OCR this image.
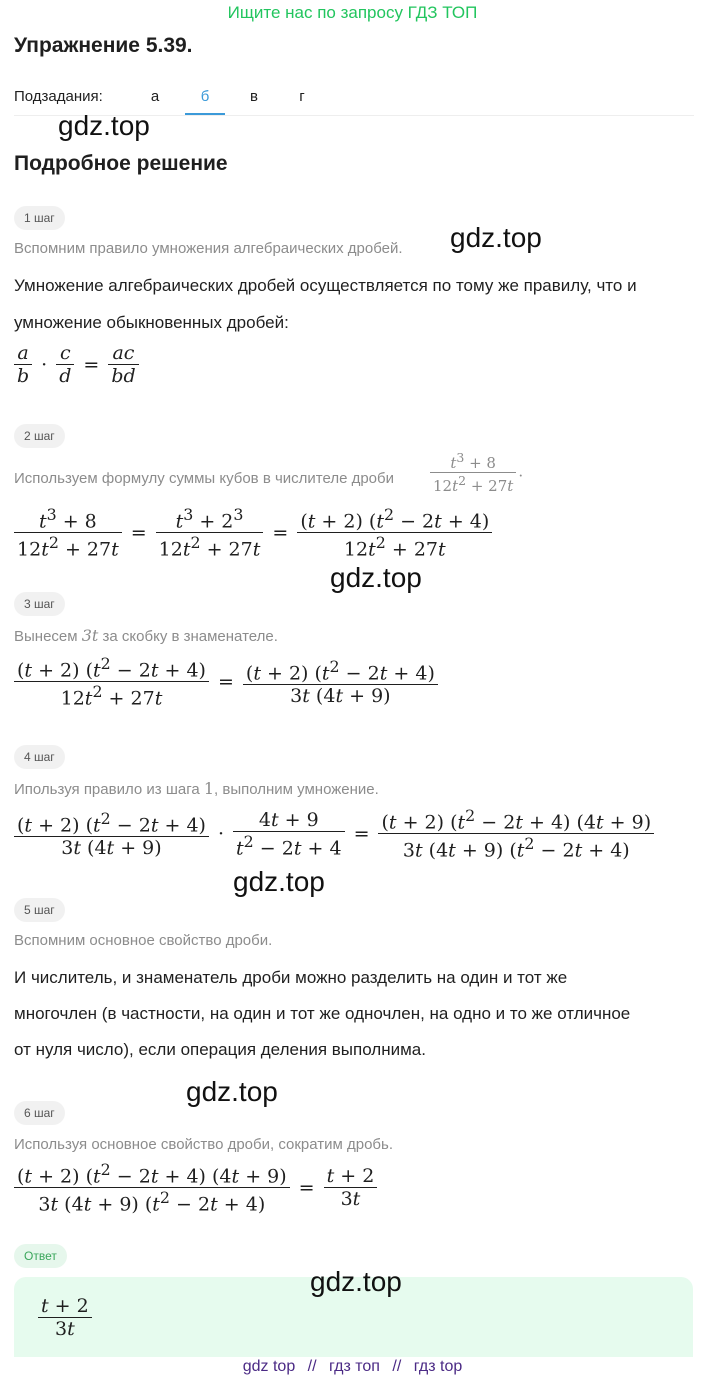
Ищите нас по запросу ГДЗ ТОП
Упражнение 5.39.
Подзадания:	а	б	в	г
gdz.top
Подробное решение
1 шаг
Вспомним правило умножения алгебраических дробей. gdz.top
Умножение алгебраических дробей осуществляется по тому же правилу, что и
умножение обыкновенных дробей:
$\frac{a}{b} \cdot \frac{c}{d} = \frac{ac}{bd}$
2 шаг
Используем формулу суммы кубов в числителе дроби $\frac{t^3 + 8}{12t^2 + 27t}$ .
$\frac{t^3 + 8}{12t^2 + 27t} = \frac{t^3 + 2^3}{12t^2 + 27t} = \frac{(t + 2) (t^2 - 2t + 4)}{12t^2 + 27t}$
gdz.top
3 шаг
Вынесем 3t за скобку в знаменателе.
$\frac{(t + 2) (t^2 - 2t + 4)}{12t^2 + 27t} = \frac{(t + 2) (t^2 - 2t + 4)}{3t (4t + 9)}$
4 шаг
Ипользуя правило из шага 1, выполним умножение.
$\frac{(t + 2) (t^2 - 2t + 4)}{3t (4t + 9)} \cdot \frac{4t + 9}{t^2 - 2t + 4} = \frac{(t + 2) (t^2 - 2t + 4) (4t + 9)}{3t (4t + 9) (t^2 - 2t + 4)}$
gdz.top
5 шаг
Вспомним основное свойство дроби.
И числитель, и знаменатель дроби можно разделить на один и тот же
многочлен (в частности, на один и тот же одночлен, на одно и то же отличное
от нуля число), если операция деления выполнима.
gdz.top
6 шаг
Используя основное свойство дроби, сократим дробь.
$\frac{(t + 2) (t^2 - 2t + 4) (4t + 9)}{3t (4t + 9) (t^2 - 2t + 4)} = \frac{t + 2}{3t}$
Ответ
gdz.top
$\frac{t + 2}{3t}$
gdz top // гдз топ // гдз top
